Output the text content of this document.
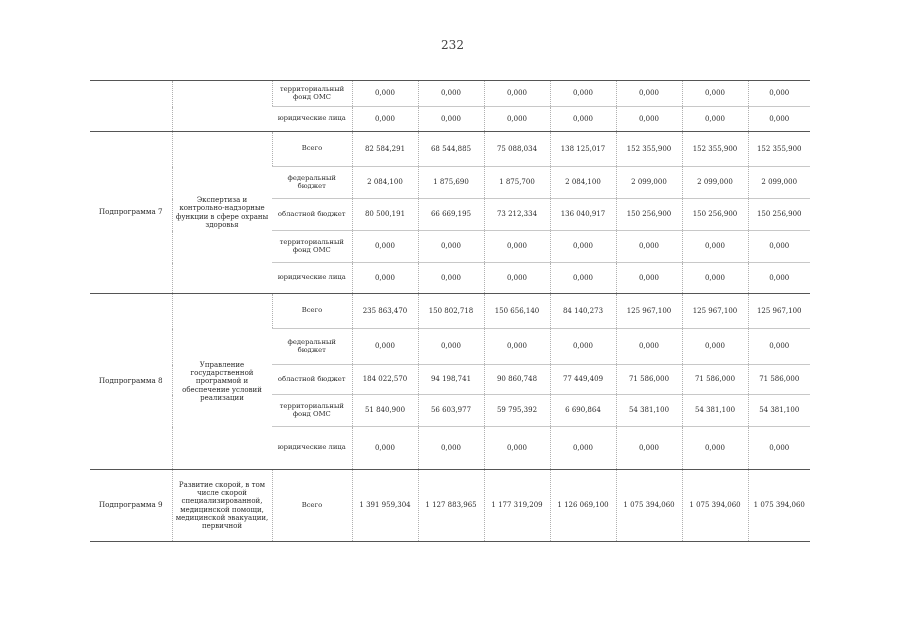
232
		территориальный фонд ОМС	0,000	0,000	0,000	0,000	0,000	0,000	0,000
		юридические лица	0,000	0,000	0,000	0,000	0,000	0,000	0,000
Подпрограмма 7	Экспертиза и контрольно-надзорные функции в сфере охраны здоровья	Всего	82 584,291	68 544,885	75 088,034	138 125,017	152 355,900	152 355,900	152 355,900
		федеральный бюджет	2 084,100	1 875,690	1 875,700	2 084,100	2 099,000	2 099,000	2 099,000
		областной бюджет	80 500,191	66 669,195	73 212,334	136 040,917	150 256,900	150 256,900	150 256,900
		территориальный фонд ОМС	0,000	0,000	0,000	0,000	0,000	0,000	0,000
		юридические лица	0,000	0,000	0,000	0,000	0,000	0,000	0,000
Подпрограмма 8	Управление государственной программой и обеспечение условий реализации	Всего	235 863,470	150 802,718	150 656,140	84 140,273	125 967,100	125 967,100	125 967,100
		федеральный бюджет	0,000	0,000	0,000	0,000	0,000	0,000	0,000
		областной бюджет	184 022,570	94 198,741	90 860,748	77 449,409	71 586,000	71 586,000	71 586,000
		территориальный фонд ОМС	51 840,900	56 603,977	59 795,392	6 690,864	54 381,100	54 381,100	54 381,100
		юридические лица	0,000	0,000	0,000	0,000	0,000	0,000	0,000
Подпрограмма 9	Развитие скорой, в том числе скорой специализированной, медицинской помощи, медицинской эвакуации, первичной	Всего	1 391 959,304	1 127 883,965	1 177 319,209	1 126 069,100	1 075 394,060	1 075 394,060	1 075 394,060
